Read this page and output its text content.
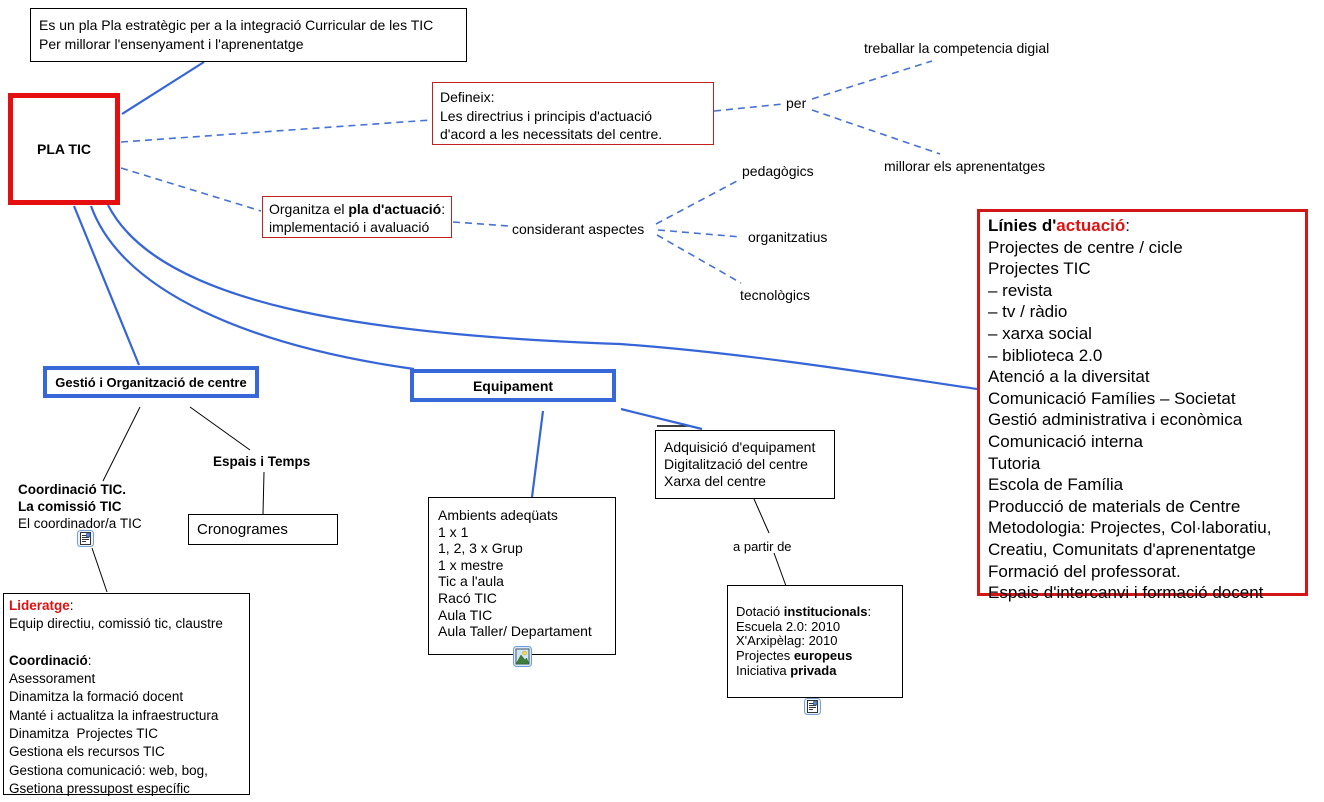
Es un pla Pla estratègic per a la integració Curricular de les TIC
Per millorar l'ensenyament i l'aprenentatge
PLA TIC
Defineix:
Les directrius i principis d'actuació
d'acord a les necessitats del centre.
Organitza el pla d'actuació:
implementació i avaluació
per
treballar la competencia digial
millorar els aprenentatges
considerant aspectes
pedagògics
organitzatius
tecnològics
Línies d'actuació:
Projectes de centre / cicle
Projectes TIC
– revista
– tv / ràdio
– xarxa social
– biblioteca 2.0
Atenció a la diversitat
Comunicació Famílies – Societat
Gestió administrativa i econòmica
Comunicació interna
Tutoria
Escola de Família
Producció de materials de Centre
Metodologia: Projectes, Col·laboratiu,
Creatiu, Comunitats d'aprenentatge
Formació del professorat.
Espais d'intercanvi i formació docent
Gestió i Organització de centre	Equipament
Espais i Temps
Cronogrames
Coordinació TIC.
La comissió TIC
El coordinador/a TIC
Lideratge:
Equip directiu, comissió tic, claustre

Coordinació:
Asessorament
Dinamitza la formació docent
Manté i actualitza la infraestructura
Dinamitza  Projectes TIC
Gestiona els recursos TIC
Gestiona comunicació: web, bog,
Gsetiona pressupost específic
Ambients adeqüats
1 x 1
1, 2, 3 x Grup
1 x mestre
Tic a l'aula
Racó TIC
Aula TIC
Aula Taller/ Departament
Adquisició d'equipament
Digitalització del centre
Xarxa del centre
a partir de
Dotació institucionals:
Escuela 2.0: 2010
X'Arxipèlag: 2010
Projectes europeus
Iniciativa privada
